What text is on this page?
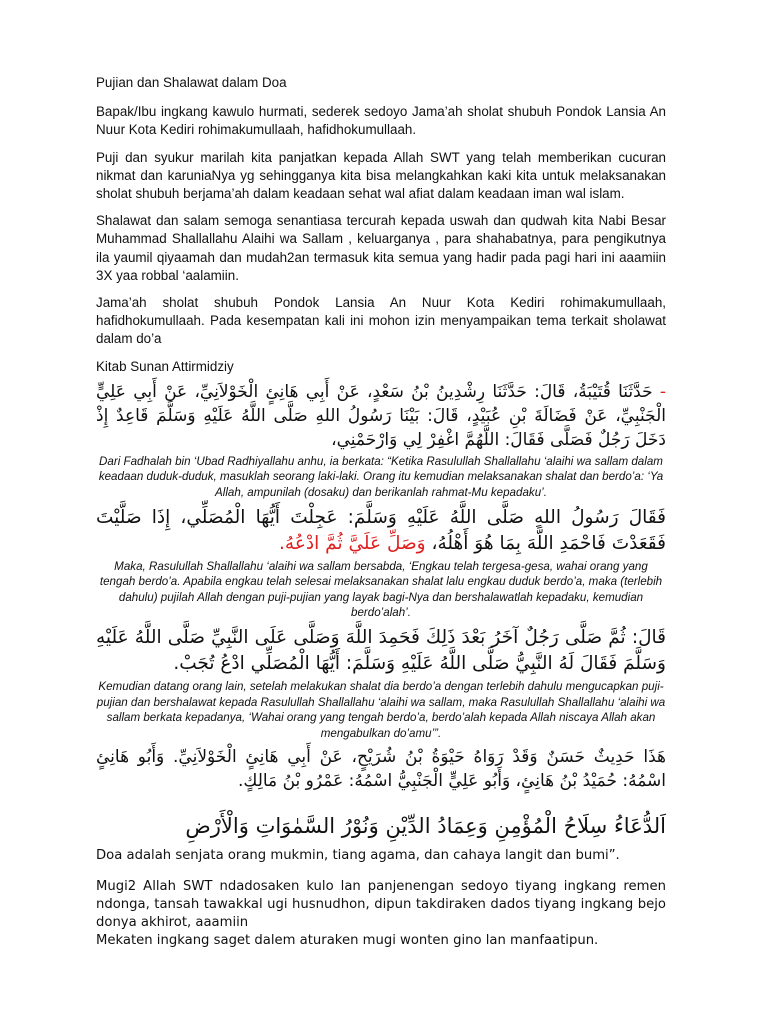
Pujian dan Shalawat dalam Doa

Bapak/Ibu ingkang kawulo hurmati, sederek sedoyo Jama’ah sholat shubuh Pondok Lansia An Nuur Kota Kediri rohimakumullaah, hafidhokumullaah.

Puji dan syukur marilah kita panjatkan kepada Allah SWT yang telah memberikan cucuran nikmat dan karuniaNya yg sehingganya kita bisa melangkahkan kaki kita untuk melaksanakan sholat shubuh berjama’ah dalam keadaan sehat wal afiat dalam keadaan iman wal islam.

Shalawat dan salam semoga senantiasa tercurah kepada uswah dan qudwah kita Nabi Besar Muhammad Shallallahu Alaihi wa Sallam , keluarganya , para shahabatnya, para pengikutnya ila yaumil qiyaamah dan mudah2an termasuk kita semua yang hadir pada pagi hari ini aaamiin 3X yaa robbal ‘aalamiin.

Jama’ah sholat shubuh Pondok Lansia An Nuur Kota Kediri rohimakumullaah, hafidhokumullaah. Pada kesempatan kali ini mohon izin menyampaikan tema terkait sholawat dalam do’a

Kitab Sunan Attirmidziy

- حَدَّثَنَا قُتَيْبَةُ، قَالَ: حَدَّثَنَا رِشْدِينُ بْنُ سَعْدٍ، عَنْ أَبِي هَانِئٍ الْخَوْلاَنِيِّ، عَنْ أَبِي عَلِيٍّ الْجَنْبِيِّ، عَنْ فَضَالَةَ بْنِ عُبَيْدٍ، قَالَ: بَيْنَا رَسُولُ اللهِ صَلَّى اللَّهُ عَلَيْهِ وَسَلَّمَ قَاعِدٌ إِذْ دَخَلَ رَجُلٌ فَصَلَّى فَقَالَ: اللَّهُمَّ اغْفِرْ لِي وَارْحَمْنِي،

Dari Fadhalah bin ‘Ubad Radhiyallahu anhu, ia berkata: “Ketika Rasulullah Shallallahu ‘alaihi wa sallam dalam keadaan duduk-duduk, masuklah seorang laki-laki. Orang itu kemudian melaksanakan shalat dan berdo’a: ‘Ya Allah, ampunilah (dosaku) dan berikanlah rahmat-Mu kepadaku’.

فَقَالَ رَسُولُ اللهِ صَلَّى اللَّهُ عَلَيْهِ وَسَلَّمَ: عَجِلْتَ أَيُّهَا الْمُصَلِّي، إِذَا صَلَّيْتَ فَقَعَدْتَ فَاحْمَدِ اللَّهَ بِمَا هُوَ أَهْلُهُ، وَصَلِّ عَلَيَّ ثُمَّ ادْعُهُ.

Maka, Rasulullah Shallallahu ‘alaihi wa sallam bersabda, ‘Engkau telah tergesa-gesa, wahai orang yang tengah berdo’a. Apabila engkau telah selesai melaksanakan shalat lalu engkau duduk berdo’a, maka (terlebih dahulu) pujilah Allah dengan puji-pujian yang layak bagi-Nya dan bershalawatlah kepadaku, kemudian berdo’alah’.

قَالَ: ثُمَّ صَلَّى رَجُلٌ آخَرُ بَعْدَ ذَلِكَ فَحَمِدَ اللَّهَ وَصَلَّى عَلَى النَّبِيِّ صَلَّى اللَّهُ عَلَيْهِ وَسَلَّمَ فَقَالَ لَهُ النَّبِيُّ صَلَّى اللَّهُ عَلَيْهِ وَسَلَّمَ: أَيُّهَا الْمُصَلِّي ادْعُ تُجَبْ.

Kemudian datang orang lain, setelah melakukan shalat dia berdo’a dengan terlebih dahulu mengucapkan puji-pujian dan bershalawat kepada Rasulullah Shallallahu ‘alaihi wa sallam, maka Rasulullah Shallallahu ‘alaihi wa sallam berkata kepadanya, ‘Wahai orang yang tengah berdo’a, berdo’alah kepada Allah niscaya Allah akan mengabulkan do’amu’”.

هَذَا حَدِيثٌ حَسَنٌ وَقَدْ رَوَاهُ حَيْوَةُ بْنُ شُرَيْحٍ، عَنْ أَبِي هَانِئٍ الْخَوْلاَنِيِّ. وَأَبُو هَانِئٍ اسْمُهُ: حُمَيْدُ بْنُ هَانِئٍ، وَأَبُو عَلِيٍّ الْجَنْبِيُّ اسْمُهُ: عَمْرُو بْنُ مَالِكٍ.

اَلدُّعَاءُ سِلَاحُ الْمُؤْمِنِ وَعِمَادُ الدِّيْنِ وَنُوْرُ السَّمٰوَاتِ وَالْأَرْضِ

Doa adalah senjata orang mukmin, tiang agama, dan cahaya langit dan bumi”.

Mugi2 Allah SWT ndadosaken kulo lan panjenengan sedoyo tiyang ingkang remen ndonga, tansah tawakkal ugi husnudhon, dipun takdiraken dados tiyang ingkang bejo donya akhirot, aaamiin

Mekaten ingkang saget dalem aturaken mugi wonten gino lan manfaatipun.
